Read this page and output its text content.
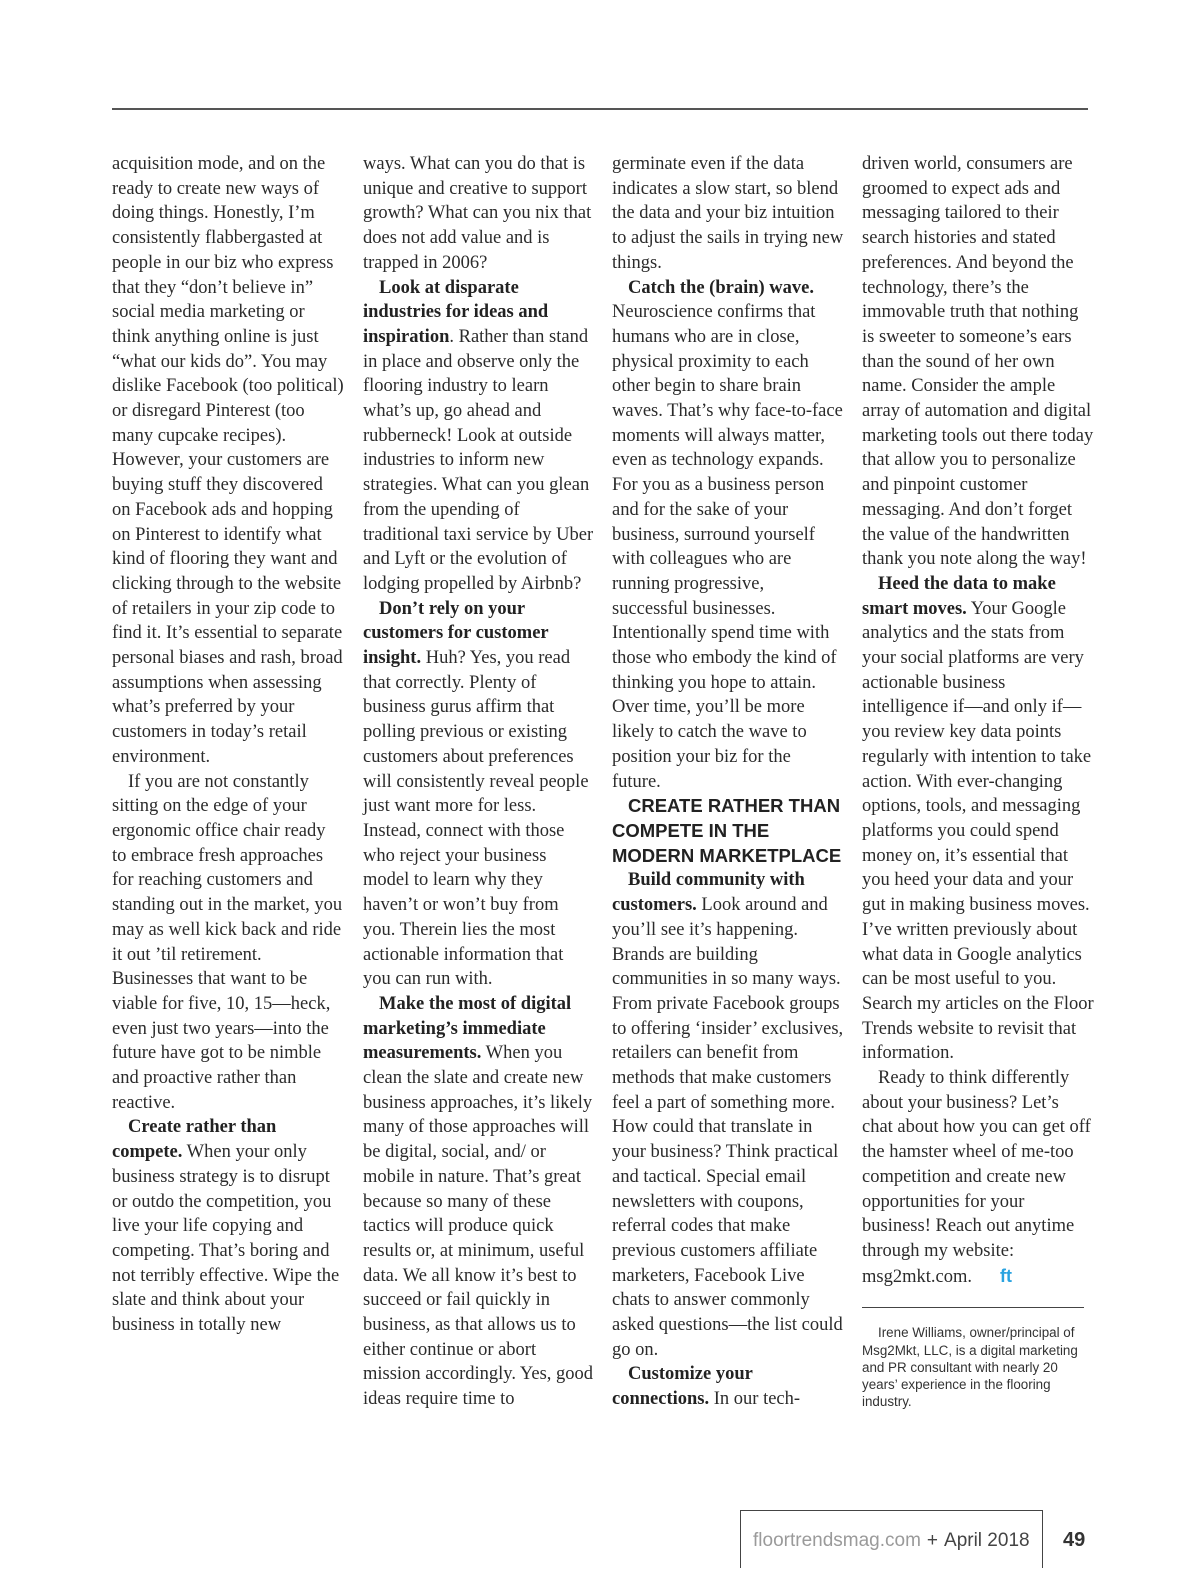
acquisition mode, and on the ready to create new ways of doing things. Honestly, I’m consistently flabbergasted at people in our biz who express that they “don’t believe in” social media marketing or think anything online is just “what our kids do”. You may dislike Facebook (too political) or disregard Pinterest (too many cupcake recipes). However, your customers are buying stuff they discovered on Facebook ads and hopping on Pinterest to identify what kind of flooring they want and clicking through to the website of retailers in your zip code to find it. It’s essential to separate personal biases and rash, broad assumptions when assessing what’s preferred by your customers in today’s retail environment.

If you are not constantly sitting on the edge of your ergonomic office chair ready to embrace fresh approaches for reaching customers and standing out in the market, you may as well kick back and ride it out ’til retirement. Businesses that want to be viable for five, 10, 15—heck, even just two years—into the future have got to be nimble and proactive rather than reactive.

Create rather than compete. When your only business strategy is to disrupt or outdo the competition, you live your life copying and competing. That’s boring and not terribly effective. Wipe the slate and think about your business in totally new

ways. What can you do that is unique and creative to support growth? What can you nix that does not add value and is trapped in 2006?

Look at disparate industries for ideas and inspiration. Rather than stand in place and observe only the flooring industry to learn what’s up, go ahead and rubberneck! Look at outside industries to inform new strategies. What can you glean from the upending of traditional taxi service by Uber and Lyft or the evolution of lodging propelled by Airbnb?

Don’t rely on your customers for customer insight. Huh? Yes, you read that correctly. Plenty of business gurus affirm that polling previous or existing customers about preferences will consistently reveal people just want more for less. Instead, connect with those who reject your business model to learn why they haven’t or won’t buy from you. Therein lies the most actionable information that you can run with.

Make the most of digital marketing’s immediate measurements. When you clean the slate and create new business approaches, it’s likely many of those approaches will be digital, social, and/ or mobile in nature. That’s great because so many of these tactics will produce quick results or, at minimum, useful data. We all know it’s best to succeed or fail quickly in business, as that allows us to either continue or abort mission accordingly. Yes, good ideas require time to

germinate even if the data indicates a slow start, so blend the data and your biz intuition to adjust the sails in trying new things.

Catch the (brain) wave. Neuroscience confirms that humans who are in close, physical proximity to each other begin to share brain waves. That’s why face-to-face moments will always matter, even as technology expands. For you as a business person and for the sake of your business, surround yourself with colleagues who are running progressive, successful businesses. Intentionally spend time with those who embody the kind of thinking you hope to attain. Over time, you’ll be more likely to catch the wave to position your biz for the future.

CREATE RATHER THAN COMPETE IN THE MODERN MARKETPLACE

Build community with customers. Look around and you’ll see it’s happening. Brands are building communities in so many ways. From private Facebook groups to offering ‘insider’ exclusives, retailers can benefit from methods that make customers feel a part of something more. How could that translate in your business? Think practical and tactical. Special email newsletters with coupons, referral codes that make previous customers affiliate marketers, Facebook Live chats to answer commonly asked questions—the list could go on.

Customize your connections. In our tech-

driven world, consumers are groomed to expect ads and messaging tailored to their search histories and stated preferences. And beyond the technology, there’s the immovable truth that nothing is sweeter to someone’s ears than the sound of her own name. Consider the ample array of automation and digital marketing tools out there today that allow you to personalize and pinpoint customer messaging. And don’t forget the value of the handwritten thank you note along the way!

Heed the data to make smart moves. Your Google analytics and the stats from your social platforms are very actionable business intelligence if—and only if— you review key data points regularly with intention to take action. With ever-changing options, tools, and messaging platforms you could spend money on, it’s essential that you heed your data and your gut in making business moves. I’ve written previously about what data in Google analytics can be most useful to you. Search my articles on the Floor Trends website to revisit that information.

Ready to think differently about your business? Let’s chat about how you can get off the hamster wheel of me-too competition and create new opportunities for your business! Reach out anytime through my website: msg2mkt.com. ft

Irene Williams, owner/principal of Msg2Mkt, LLC, is a digital marketing and PR consultant with nearly 20 years’ experience in the flooring industry.

floortrendsmag.com + April 2018 49
